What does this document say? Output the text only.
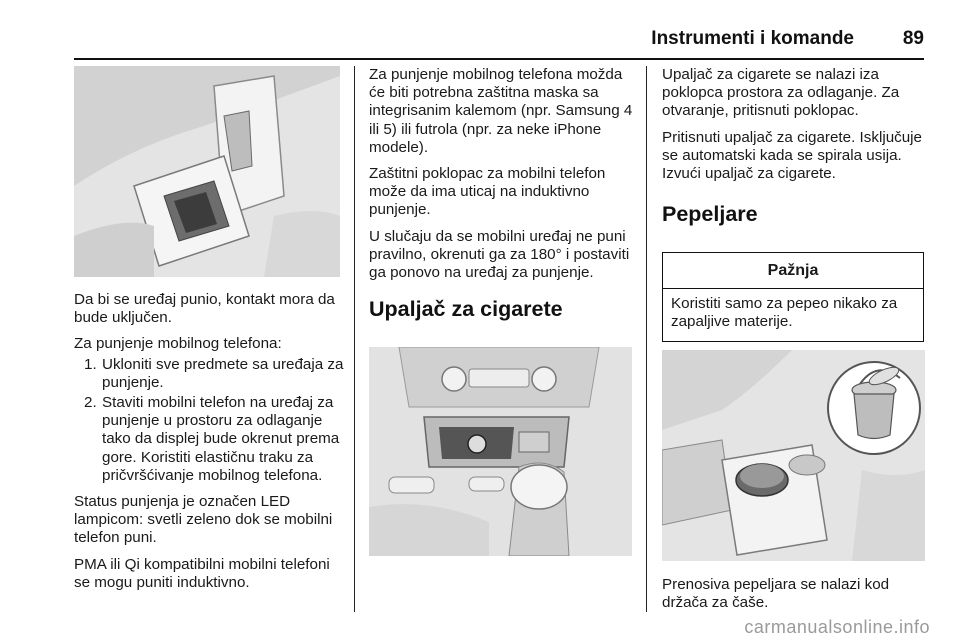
Instrumenti i komande	89

Da bi se uređaj punio, kontakt mora da bude uključen.

Za punjenje mobilnog telefona:

1. Ukloniti sve predmete sa uređaja za punjenje.
2. Staviti mobilni telefon na uređaj za punjenje u prostoru za odlaganje tako da displej bude okrenut prema gore. Koristiti elastičnu traku za pričvršćivanje mobilnog telefona.

Status punjenja je označen LED lampicom: svetli zeleno dok se mobilni telefon puni.

PMA ili Qi kompatibilni mobilni telefoni se mogu puniti induktivno.

Za punjenje mobilnog telefona možda će biti potrebna zaštitna maska sa integrisanim kalemom (npr. Samsung 4 ili 5) ili futrola (npr. za neke iPhone modele).

Zaštitni poklopac za mobilni telefon može da ima uticaj na induktivno punjenje.

U slučaju da se mobilni uređaj ne puni pravilno, okrenuti ga za 180° i postaviti ga ponovo na uređaj za punjenje.

Upaljač za cigarete

Upaljač za cigarete se nalazi iza poklopca prostora za odlaganje. Za otvaranje, pritisnuti poklopac.

Pritisnuti upaljač za cigarete. Isključuje se automatski kada se spirala usija. Izvući upaljač za cigarete.

Pepeljare
Pažnja
Koristiti samo za pepeo nikako za zapaljive materije.

Prenosiva pepeljara se nalazi kod držača za čaše.

carmanualsonline.info
